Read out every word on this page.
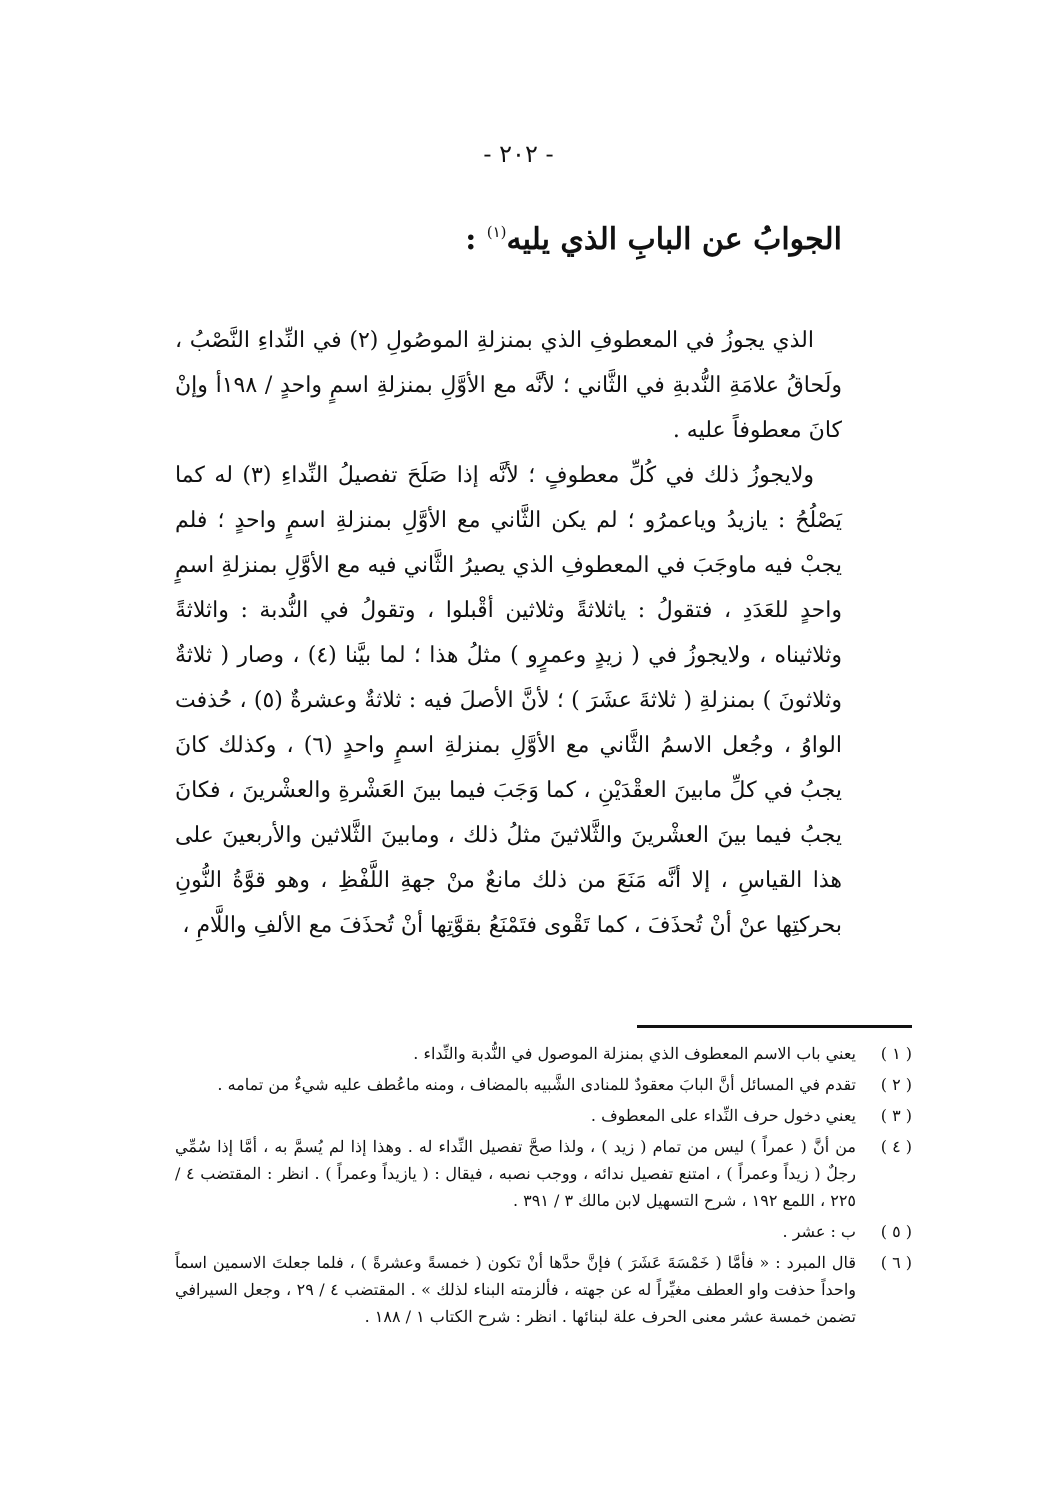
- ٢٠٢ -
الجوابُ عن البابِ الذي يليه$^{(١)}$ :

الذي يجوزُ في المعطوفِ الذي بمنزلةِ الموصُولِ (٢) في النِّداءِ النَّصْبُ ، ولَحاقُ علامَةِ النُّدبةِ في الثَّاني ؛ لأنَّه مع الأوَّلِ بمنزلةِ اسمٍ واحدٍ / ١٩٨أ وإنْ كانَ معطوفاً عليه .

ولايجوزُ ذلك في كُلِّ معطوفٍ ؛ لأنَّه إذا صَلَحَ تفصيلُ النِّداءِ (٣) له كما يَصْلُحُ : يازيدُ وياعمرُو ؛ لم يكن الثَّاني مع الأوَّلِ بمنزلةِ اسمٍ واحدٍ ؛ فلم يجبْ فيه ماوجَبَ في المعطوفِ الذي يصيرُ الثَّاني فيه مع الأوَّلِ بمنزلةِ اسمٍ واحدٍ للعَدَدِ ، فتقولُ : ياثلاثةً وثلاثين أقْبلوا ، وتقولُ في النُّدبة : واثلاثةً وثلاثيناه ، ولايجوزُ في ( زيدٍ وعمرٍو ) مثلُ هذا ؛ لما بيَّنا (٤) ، وصار ( ثلاثةٌ وثلاثونَ ) بمنزلةِ ( ثلاثةَ عشَرَ ) ؛ لأنَّ الأصلَ فيه : ثلاثةٌ وعشرةٌ (٥) ، حُذفت الواوُ ، وجُعل الاسمُ الثَّاني مع الأوَّلِ بمنزلةِ اسمٍ واحدٍ (٦) ، وكذلك كانَ يجبُ في كلِّ مابينَ العقْدَيْنِ ، كما وَجَبَ فيما بينَ العَشْرةِ والعشْرينَ ، فكانَ يجبُ فيما بينَ العشْرينَ والثَّلاثينَ مثلُ ذلك ، ومابينَ الثَّلاثين والأربعينَ على هذا القياسِ ، إلا أنَّه مَنَعَ من ذلك مانعٌ منْ جهةِ اللَّفْظِ ، وهو قوَّةُ النُّونِ بحركتِها عنْ أنْ تُحذَفَ ، كما تَقْوى فتَمْنَعُ بقوَّتِها أنْ تُحذَفَ مع الألفِ واللَّامِ ،

( ١ )
يعني باب الاسم المعطوف الذي بمنزلة الموصول في النُّدبة والنِّداء .
( ٢ )
تقدم في المسائل أنَّ البابَ معقودٌ للمنادى الشَّبيه بالمضاف ، ومنه ماعُطف عليه شيءٌ من تمامه .
( ٣ )
يعني دخول حرف النِّداء على المعطوف .
( ٤ )
من أنَّ ( عمراً ) ليس من تمام ( زيد ) ، ولذا صحَّ تفصيل النِّداء له . وهذا إذا لم يُسمَّ به ، أمَّا إذا سُمِّي رجلٌ ( زيداً وعمراً ) ، امتنع تفصيل ندائه ، ووجب نصبه ، فيقال : ( يازيداً وعمراً ) . انظر : المقتضب ٤ / ٢٢٥ ، اللمع ١٩٢ ، شرح التسهيل لابن مالك ٣ / ٣٩١ .
( ٥ )
ب : عشر .
( ٦ )
قال المبرد : « فأمَّا ( خَمْسَةَ عَشَرَ ) فإنَّ حدَّها أنْ تكون ( خمسةً وعشرةً ) ، فلما جعلتَ الاسمين اسماً واحداً حذفت واو العطف مغيِّراً له عن جهته ، فألزمته البناء لذلك » . المقتضب ٤ / ٢٩ ، وجعل السيرافي تضمن خمسة عشر معنى الحرف علة لبنائها . انظر : شرح الكتاب ١ / ١٨٨ .
